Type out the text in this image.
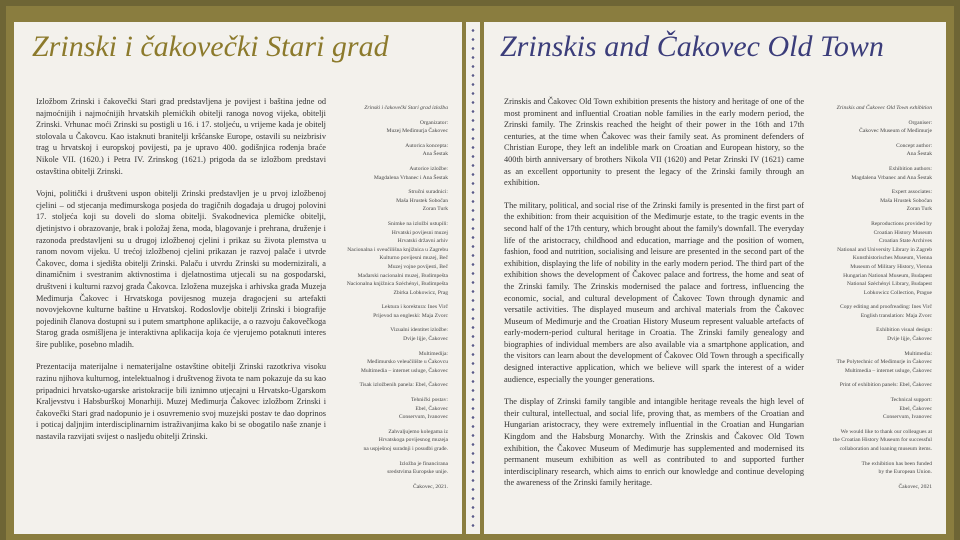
Zrinski i čakovečki Stari grad

Izložbom Zrinski i čakovečki Stari grad predstavljena je povijest i baština jedne od najmoćnijih i najmoćnijih hrvatskih plemićkih obitelji ranoga novog vijeka, obitelji Zrinski. Vrhunac moći Zrinski su postigli u 16. i 17. stoljeću, u vrijeme kada je obitelj stolovala u Čakovcu. Kao istaknuti branitelji kršćanske Europe, ostavili su neizbrisiv trag u hrvatskoj i europskoj povijesti, pa je upravo 400. godišnjica rođenja braće Nikole VII. (1620.) i Petra IV. Zrinskog (1621.) prigoda da se izložbom predstavi ostavština obitelji Zrinski.

Vojni, politički i društveni uspon obitelji Zrinski predstavljen je u prvoj izložbenoj cjelini – od stjecanja međimurskoga posjeda do tragičnih događaja u drugoj polovini 17. stoljeća koji su doveli do sloma obitelji. Svakodnevica plemićke obitelji, djetinjstvo i obrazovanje, brak i položaj žena, moda, blagovanje i prehrana, druženje i razonoda predstavljeni su u drugoj izložbenoj cjelini i prikaz su života plemstva u ranom novom vijeku. U trećoj izložbenoj cjelini prikazan je razvoj palače i utvrde Čakovec, doma i sjedišta obitelji Zrinski. Palaču i utvrdu Zrinski su modernizirali, a dinamičnim i svestranim aktivnostima i djelatnostima utjecali su na gospodarski, društveni i kulturni razvoj grada Čakovca. Izložena muzejska i arhivska građa Muzeja Međimurja Čakovec i Hrvatskoga povijesnog muzeja dragocjeni su artefakti novovjekovne kulturne baštine u Hrvatskoj. Rodoslovlje obitelji Zrinski i biografije pojedinih članova dostupni su i putem smartphone aplikacije, a o razvoju čakovečkoga Starog grada osmišljena je interaktivna aplikacija koja će vjerujemo potaknuti interes šire publike, posebno mladih.

Prezentacija materijalne i nematerijalne ostavštine obitelji Zrinski razotkriva visoku razinu njihova kulturnog, intelektualnog i društvenog života te nam pokazuje da su kao pripadnici hrvatsko-ugarske aristokracije bili iznimno utjecajni u Hrvatsko-Ugarskom Kraljevstvu i Habsburškoj Monarhiji. Muzej Međimurja Čakovec izložbom Zrinski i čakovečki Stari grad nadopunio je i osuvremenio svoj muzejski postav te dao doprinos i poticaj daljnjim interdisciplinarnim istraživanjima kako bi se obogatilo naše znanje i nastavila razvijati svijest o nasljeđu obitelji Zrinski.

Zrinski i čakovečki Stari grad izložba
Organizator:
Muzej Međimurja Čakovec
Autorica koncepta:
Ana Šestak
Autorice izložbe:
Magdalena Vrbanec i Ana Šestak
Stručni suradnici:
Maša Hrustek Sobočan
Zoran Turk
Snimke na izložbi ustupili:
Hrvatski povijesni muzej
Hrvatski državni arhiv
Nacionalna i sveučilišna knjižnica u Zagrebu
Kulturno povijesni muzej, Beč
Muzej vojne povijesti, Beč
Mađarski nacionalni muzej, Budimpešta
Nacionalna knjižnica Széchényi, Budimpešta
Zbirka Lobkowicz, Prag
Lektura i korektura: Ines Virč
Prijevod na engleski: Maja Zvorc
Vizualni identitet izložbe:
Dvije lijje, Čakovec
Multimedija:
Međimursko veleučilište u Čakovcu
Multimedia – internet usluge, Čakovec
Tisak izložbenih panela: Ebel, Čakovec
Tehnički postav:
Ebel, Čakovec
Conservum, Ivanovec
Zahvaljujemo kolegama iz
Hrvatskoga povijesnog muzeja
na uspješnoj suradnji i posudbi građe.
Izložba je financirana
sredstvima Europske unije.
Čakovec, 2021.
Zrinskis and Čakovec Old Town

Zrinskis and Čakovec Old Town exhibition presents the history and heritage of one of the most prominent and influential Croatian noble families in the early modern period, the Zrinski family. The Zrinskis reached the height of their power in the 16th and 17th centuries, at the time when Čakovec was their family seat. As prominent defenders of Christian Europe, they left an indelible mark on Croatian and European history, so the 400th birth anniversary of brothers Nikola VII (1620) and Petar Zrinski IV (1621) came as an excellent opportunity to present the legacy of the Zrinski family through an exhibition.

The military, political, and social rise of the Zrinski family is presented in the first part of the exhibition: from their acquisition of the Međimurje estate, to the tragic events in the second half of the 17th century, which brought about the family's downfall. The everyday life of the aristocracy, childhood and education, marriage and the position of women, fashion, food and nutrition, socialising and leisure are presented in the second part of the exhibition, displaying the life of nobility in the early modern period. The third part of the exhibition shows the development of Čakovec palace and fortress, the home and seat of the Zrinski family. The Zrinskis modernised the palace and fortress, influencing the economic, social, and cultural development of Čakovec Town through dynamic and versatile activities. The displayed museum and archival materials from the Čakovec Museum of Međimurje and the Croatian History Museum represent valuable artefacts of early-modern-period cultural heritage in Croatia. The Zrinski family genealogy and biographies of individual members are also available via a smartphone application, and the visitors can learn about the development of Čakovec Old Town through a specifically designed interactive application, which we believe will spark the interest of a wider audience, especially the younger generations.

The display of Zrinski family tangible and intangible heritage reveals the high level of their cultural, intellectual, and social life, proving that, as members of the Croatian and Hungarian aristocracy, they were extremely influential in the Croatian and Hungarian Kingdom and the Habsburg Monarchy. With the Zrinskis and Čakovec Old Town exhibition, the Čakovec Museum of Međimurje has supplemented and modernised its permanent museum exhibition as well as contributed to and supported further interdisciplinary research, which aims to enrich our knowledge and continue developing the awareness of the Zrinski family heritage.

Zrinskis and Čakovec Old Town exhibition
Organiser:
Čakovec Museum of Međimurje
Concept author:
Ana Šestak
Exhibition authors:
Magdalena Vrbanec and Ana Šestak
Expert associates:
Maša Hrustek Sobočan
Zoran Turk
Reproductions provided by
Croatian History Museum
Croatian State Archives
National and University Library in Zagreb
Kunsthistorisches Museum, Vienna
Museum of Military History, Vienna
Hungarian National Museum, Budapest
National Széchényi Library, Budapest
Lobkowicz Collection, Prague
Copy editing and proofreading: Ines Virč
English translation: Maja Zvorc
Exhibition visual design:
Dvije lijje, Čakovec
Multimedia:
The Polytechnic of Međimurje in Čakovec
Multimedia – internet usluge, Čakovec
Print of exhibition panels: Ebel, Čakovec
Technical support:
Ebel, Čakovec
Conservum, Ivanovec
We would like to thank our colleagues at
the Croatian History Museum for successful
collaboration and loaning museum items.
The exhibition has been funded
by the European Union.
Čakovec, 2021
